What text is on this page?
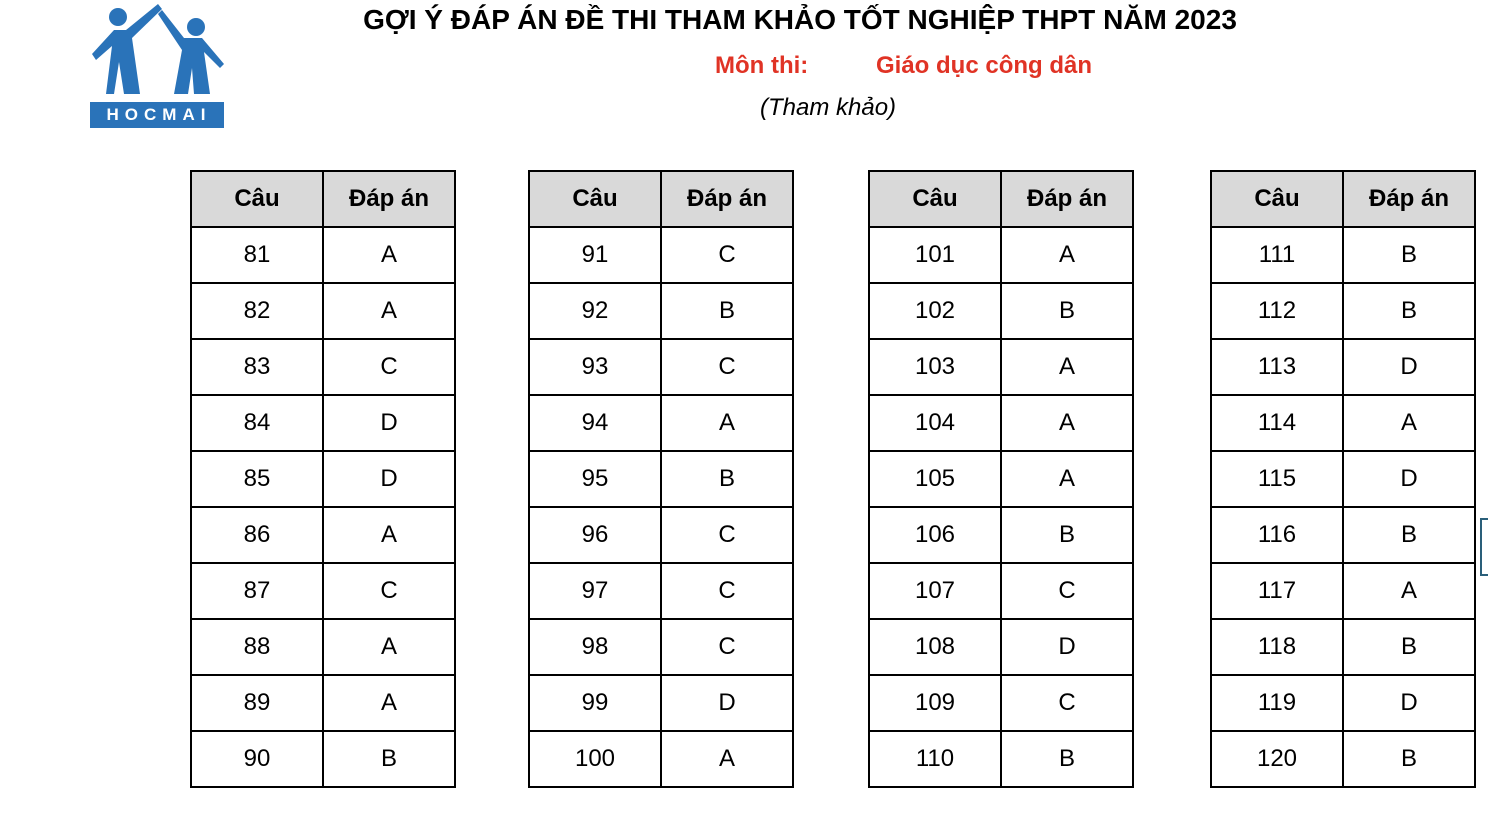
HOCMAI
GỢI Ý ĐÁP ÁN ĐỀ THI THAM KHẢO TỐT NGHIỆP THPT NĂM 2023
Môn thi:	Giáo dục công dân
(Tham khảo)
Câu	Đáp án
81	A
82	A
83	C
84	D
85	D
86	A
87	C
88	A
89	A
90	B
Câu	Đáp án
91	C
92	B
93	C
94	A
95	B
96	C
97	C
98	C
99	D
100	A
Câu	Đáp án
101	A
102	B
103	A
104	A
105	A
106	B
107	C
108	D
109	C
110	B
Câu	Đáp án
111	B
112	B
113	D
114	A
115	D
116	B
117	A
118	B
119	D
120	B
